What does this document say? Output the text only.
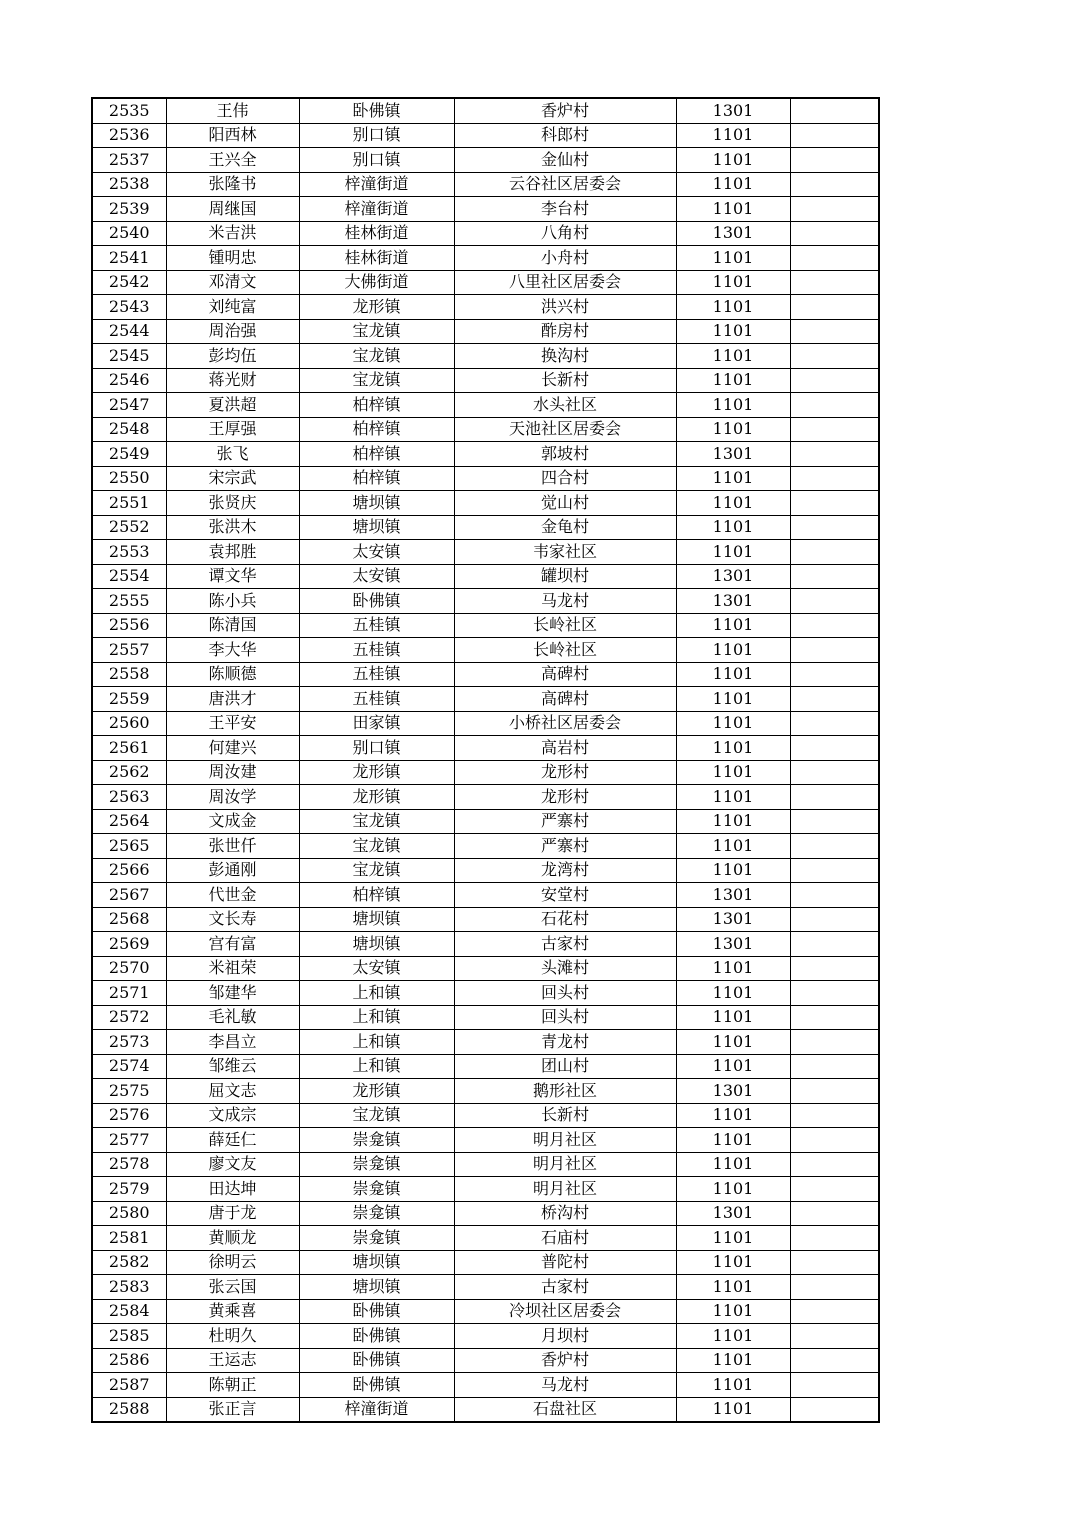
2535	王伟	卧佛镇	香炉村	1301	
2536	阳西林	别口镇	科郎村	1101	
2537	王兴全	别口镇	金仙村	1101	
2538	张隆书	梓潼街道	云谷社区居委会	1101	
2539	周继国	梓潼街道	李台村	1101	
2540	米吉洪	桂林街道	八角村	1301	
2541	锺明忠	桂林街道	小舟村	1101	
2542	邓清文	大佛街道	八里社区居委会	1101	
2543	刘纯富	龙形镇	洪兴村	1101	
2544	周治强	宝龙镇	酢房村	1101	
2545	彭均伍	宝龙镇	换沟村	1101	
2546	蒋光财	宝龙镇	长新村	1101	
2547	夏洪超	柏梓镇	水头社区	1101	
2548	王厚强	柏梓镇	天池社区居委会	1101	
2549	张飞	柏梓镇	郭坡村	1301	
2550	宋宗武	柏梓镇	四合村	1101	
2551	张贤庆	塘坝镇	觉山村	1101	
2552	张洪木	塘坝镇	金龟村	1101	
2553	袁邦胜	太安镇	韦家社区	1101	
2554	谭文华	太安镇	罐坝村	1301	
2555	陈小兵	卧佛镇	马龙村	1301	
2556	陈清国	五桂镇	长岭社区	1101	
2557	李大华	五桂镇	长岭社区	1101	
2558	陈顺德	五桂镇	高碑村	1101	
2559	唐洪才	五桂镇	高碑村	1101	
2560	王平安	田家镇	小桥社区居委会	1101	
2561	何建兴	别口镇	高岩村	1101	
2562	周汝建	龙形镇	龙形村	1101	
2563	周汝学	龙形镇	龙形村	1101	
2564	文成金	宝龙镇	严寨村	1101	
2565	张世仟	宝龙镇	严寨村	1101	
2566	彭通刚	宝龙镇	龙湾村	1101	
2567	代世金	柏梓镇	安堂村	1301	
2568	文长寿	塘坝镇	石花村	1301	
2569	宫有富	塘坝镇	古家村	1301	
2570	米祖荣	太安镇	头滩村	1101	
2571	邹建华	上和镇	回头村	1101	
2572	毛礼敏	上和镇	回头村	1101	
2573	李昌立	上和镇	青龙村	1101	
2574	邹维云	上和镇	团山村	1101	
2575	屈文志	龙形镇	鹅形社区	1301	
2576	文成宗	宝龙镇	长新村	1101	
2577	薛廷仁	崇龛镇	明月社区	1101	
2578	廖文友	崇龛镇	明月社区	1101	
2579	田达坤	崇龛镇	明月社区	1101	
2580	唐于龙	崇龛镇	桥沟村	1301	
2581	黄顺龙	崇龛镇	石庙村	1101	
2582	徐明云	塘坝镇	普陀村	1101	
2583	张云国	塘坝镇	古家村	1101	
2584	黄乘喜	卧佛镇	冷坝社区居委会	1101	
2585	杜明久	卧佛镇	月坝村	1101	
2586	王运志	卧佛镇	香炉村	1101	
2587	陈朝正	卧佛镇	马龙村	1101	
2588	张正言	梓潼街道	石盘社区	1101	
